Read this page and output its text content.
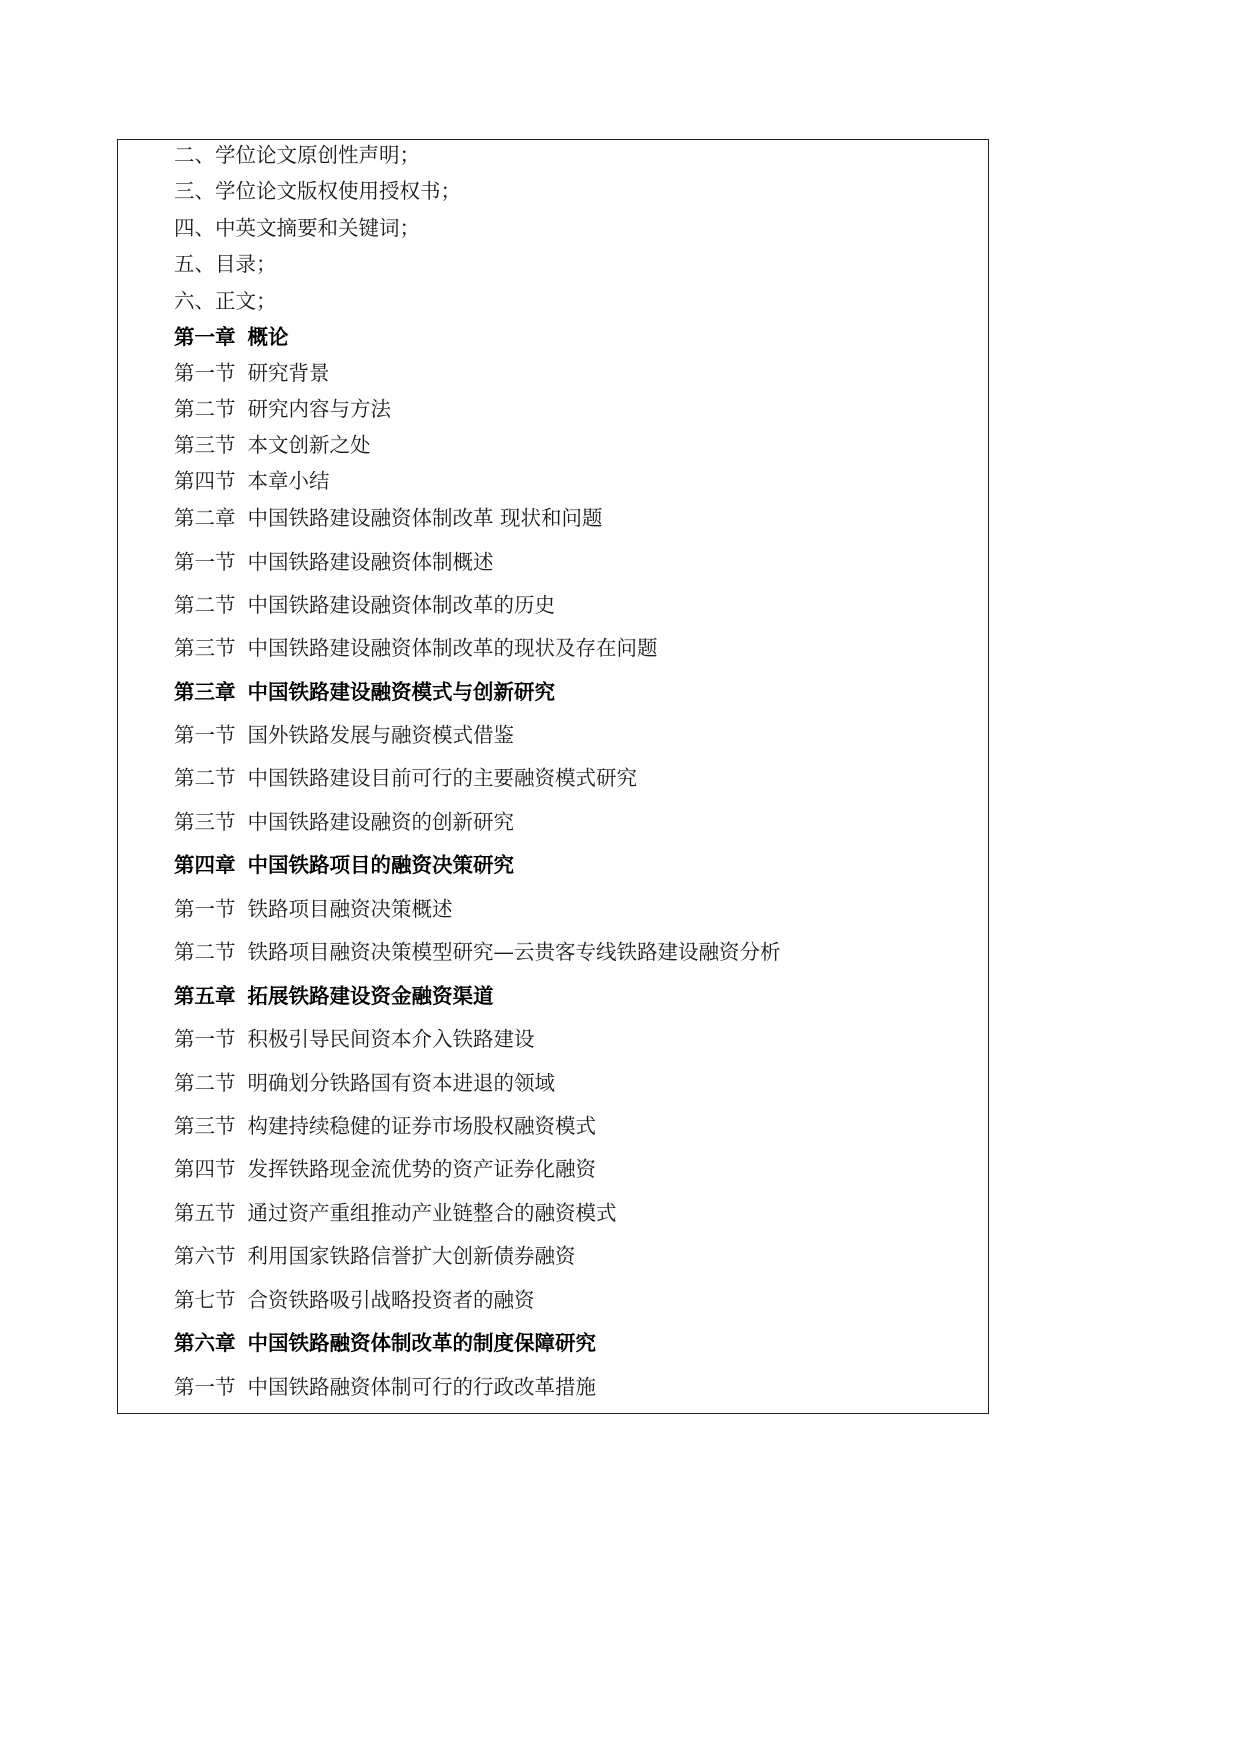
二、学位论文原创性声明；
三、学位论文版权使用授权书；
四、中英文摘要和关键词；
五、目录；
六、正文；
第一章 概论
第一节 研究背景
第二节 研究内容与方法
第三节 本文创新之处
第四节 本章小结
第二章 中国铁路建设融资体制改革 现状和问题
第一节 中国铁路建设融资体制概述
第二节 中国铁路建设融资体制改革的历史
第三节 中国铁路建设融资体制改革的现状及存在问题
第三章 中国铁路建设融资模式与创新研究
第一节 国外铁路发展与融资模式借鉴
第二节 中国铁路建设目前可行的主要融资模式研究
第三节 中国铁路建设融资的创新研究
第四章 中国铁路项目的融资决策研究
第一节 铁路项目融资决策概述
第二节 铁路项目融资决策模型研究—云贵客专线铁路建设融资分析
第五章 拓展铁路建设资金融资渠道
第一节 积极引导民间资本介入铁路建设
第二节 明确划分铁路国有资本进退的领域
第三节 构建持续稳健的证券市场股权融资模式
第四节 发挥铁路现金流优势的资产证券化融资
第五节 通过资产重组推动产业链整合的融资模式
第六节 利用国家铁路信誉扩大创新债券融资
第七节 合资铁路吸引战略投资者的融资
第六章 中国铁路融资体制改革的制度保障研究
第一节 中国铁路融资体制可行的行政改革措施
